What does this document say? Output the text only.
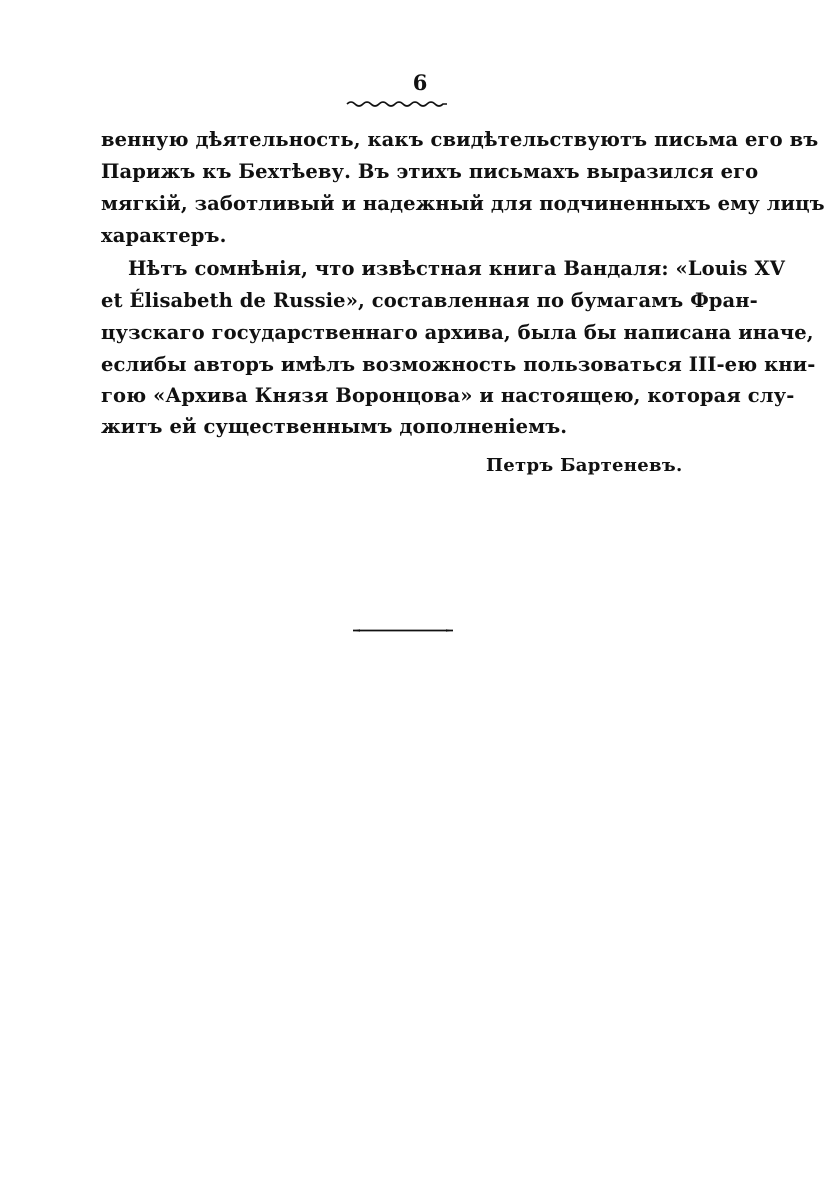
6
венную дѣятельность, какъ свидѣтельствуютъ письма его въ
Парижъ къ Бехтѣеву. Въ этихъ письмахъ выразился его
мягкій, заботливый и надежный для подчиненныхъ ему лицъ
характеръ.
Нѣтъ сомнѣнія, что извѣстная книга Вандаля: «Louis XV
et Élisabeth de Russie», составленная по бумагамъ Фран-
цузскаго государственнаго архива, была бы написана иначе,
еслибы авторъ имѣлъ возможность пользоваться III-ею кни-
гою «Архива Князя Воронцова» и настоящею, которая слу-
житъ ей существеннымъ дополненіемъ.
Петръ Бартеневъ.
